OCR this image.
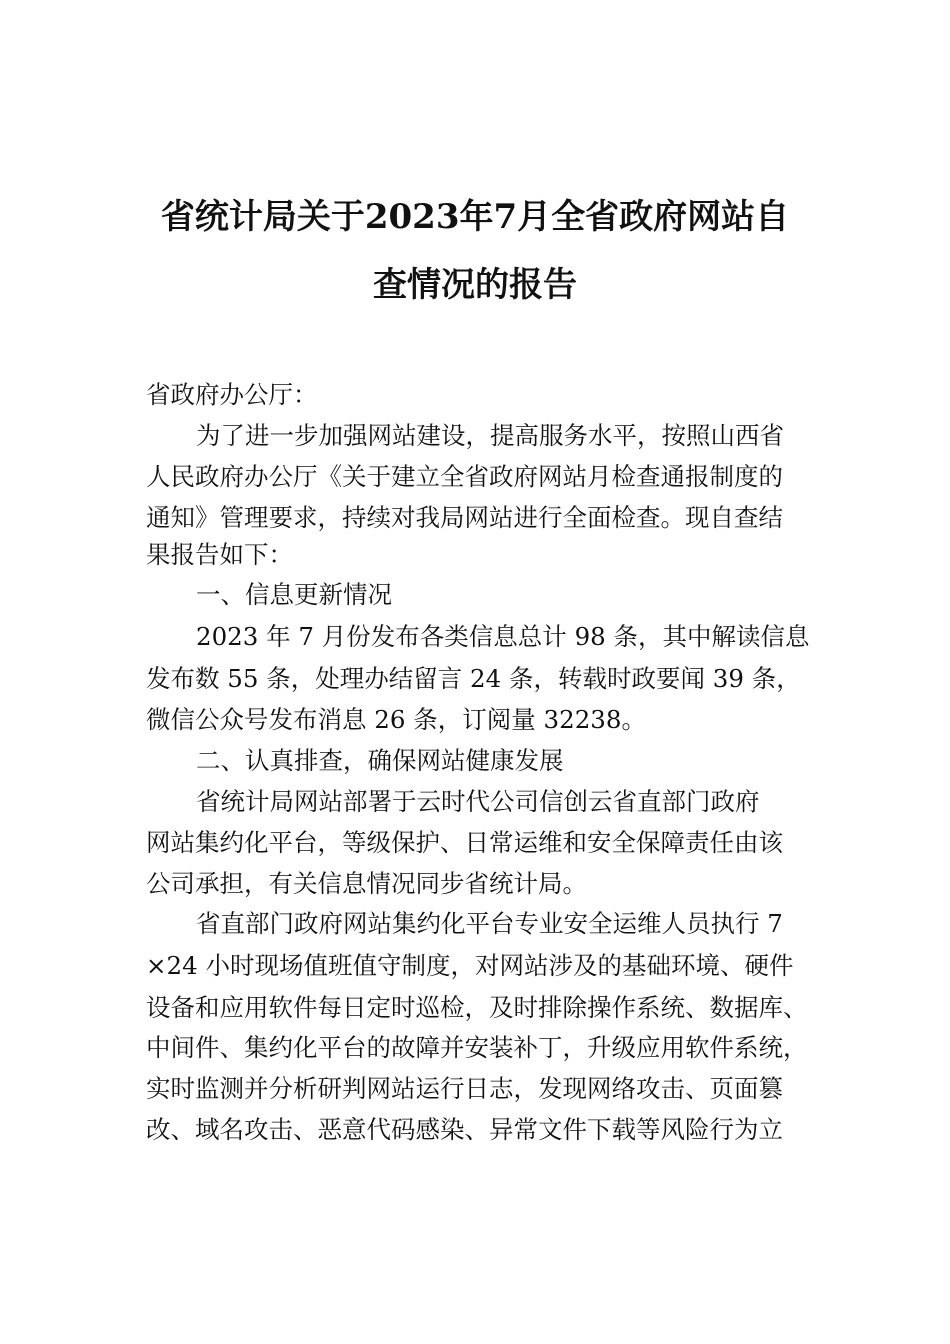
省统计局关于2023年7月全省政府网站自
查情况的报告
省政府办公厅：
为了进一步加强网站建设，提高服务水平，按照山西省
人民政府办公厅《关于建立全省政府网站月检查通报制度的
通知》管理要求，持续对我局网站进行全面检查。现自查结
果报告如下：
一、信息更新情况
2023 年 7 月份发布各类信息总计 98 条，其中解读信息
发布数 55 条，处理办结留言 24 条，转载时政要闻 39 条，
微信公众号发布消息 26 条，订阅量 32238。
二、认真排查，确保网站健康发展
省统计局网站部署于云时代公司信创云省直部门政府
网站集约化平台，等级保护、日常运维和安全保障责任由该
公司承担，有关信息情况同步省统计局。
省直部门政府网站集约化平台专业安全运维人员执行 7
×24 小时现场值班值守制度，对网站涉及的基础环境、硬件
设备和应用软件每日定时巡检，及时排除操作系统、数据库、
中间件、集约化平台的故障并安装补丁，升级应用软件系统，
实时监测并分析研判网站运行日志，发现网络攻击、页面篡
改、域名攻击、恶意代码感染、异常文件下载等风险行为立
